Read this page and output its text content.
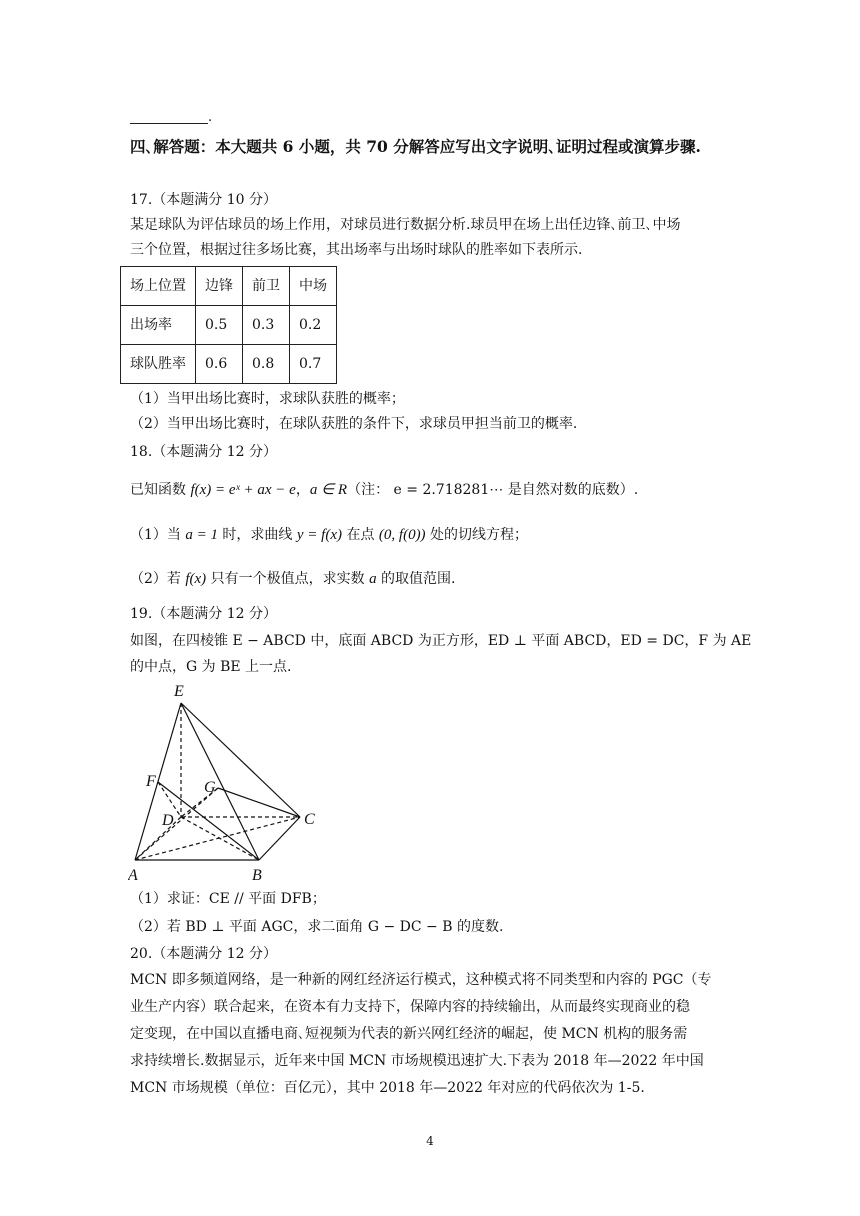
.
四､解答题：本大题共 6 小题，共 70 分解答应写出文字说明､证明过程或演算步骤.
17.（本题满分 10 分）
某足球队为评估球员的场上作用，对球员进行数据分析.球员甲在场上出任边锋､前卫､中场
三个位置，根据过往多场比赛，其出场率与出场时球队的胜率如下表所示.
场上位置	边锋	前卫	中场
出场率	0.5	0.3	0.2
球队胜率	0.6	0.8	0.7
（1）当甲出场比赛时，求球队获胜的概率；
（2）当甲出场比赛时，在球队获胜的条件下，求球员甲担当前卫的概率.
18.（本题满分 12 分）
已知函数 f(x) = eˣ + ax − e，a ∈ R（注： e = 2.718281⋯ 是自然对数的底数）.
（1）当 a = 1 时，求曲线 y = f(x) 在点 (0, f(0)) 处的切线方程；
（2）若 f(x) 只有一个极值点，求实数 a 的取值范围.
19.（本题满分 12 分）
如图，在四棱锥 E − ABCD 中，底面 ABCD 为正方形，ED ⊥ 平面 ABCD，ED = DC，F 为 AE
的中点，G 为 BE 上一点.
E
F	G
D	C
A	B
（1）求证：CE // 平面 DFB；
（2）若 BD ⊥ 平面 AGC，求二面角 G − DC − B 的度数.
20.（本题满分 12 分）
MCN 即多频道网络，是一种新的网红经济运行模式，这种模式将不同类型和内容的 PGC（专
业生产内容）联合起来，在资本有力支持下，保障内容的持续输出，从而最终实现商业的稳
定变现，在中国以直播电商､短视频为代表的新兴网红经济的崛起，使 MCN 机构的服务需
求持续增长.数据显示，近年来中国 MCN 市场规模迅速扩大.下表为 2018 年—2022 年中国
MCN 市场规模（单位：百亿元），其中 2018 年—2022 年对应的代码依次为 1-5.
4
